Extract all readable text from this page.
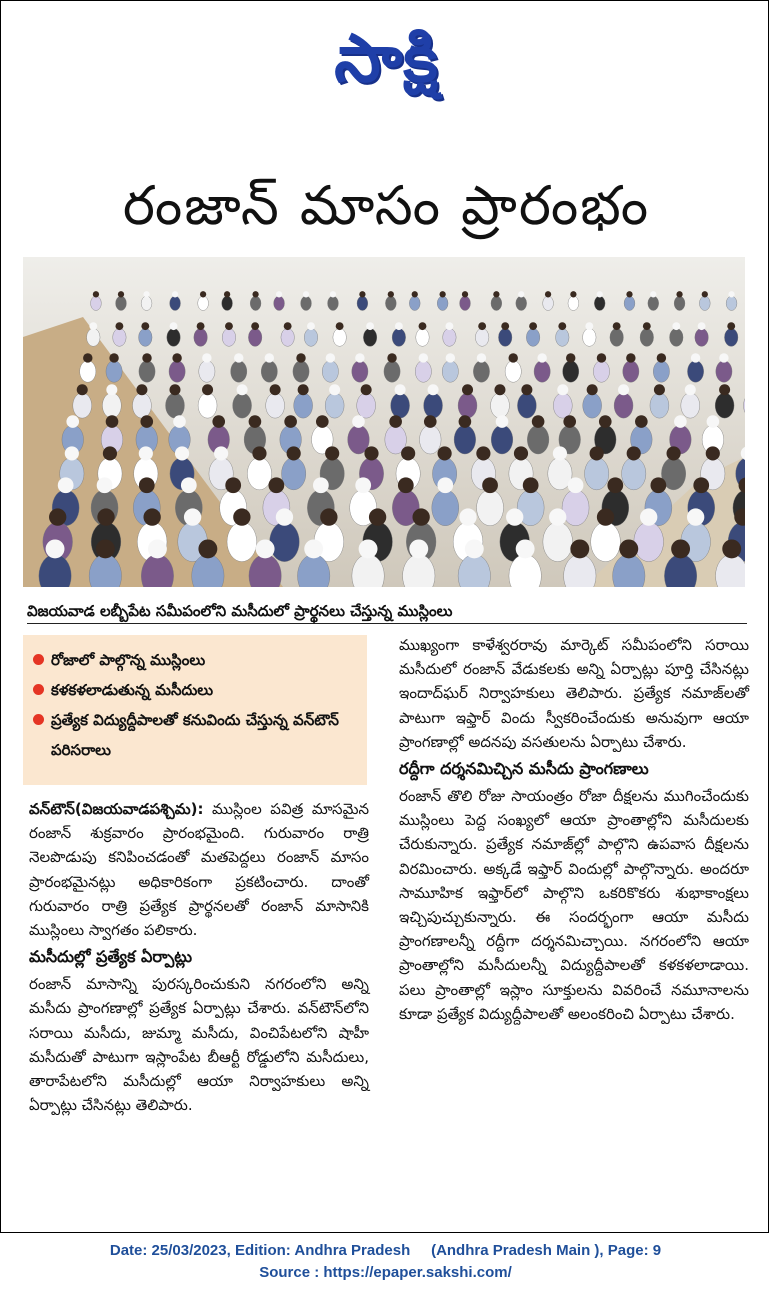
సాక్షి
రంజాన్ మాసం ప్రారంభం
విజయవాడ లబ్బీపేట సమీపంలోని మసీదులో ప్రార్థనలు చేస్తున్న ముస్లింలు
రోజాలో పాల్గొన్న ముస్లింలు
కళకళలాడుతున్న మసీదులు
ప్రత్యేక విద్యుద్దీపాలతో కనువిందు చేస్తున్న వన్‌టౌన్ పరిసరాలు

వన్‌టౌన్(విజయవాడపశ్చిమ): ముస్లింల పవిత్ర మాసమైన రంజాన్ శుక్రవారం ప్రారంభమైంది. గురువారం రాత్రి నెలపొడుపు కనిపించడంతో మతపెద్దలు రంజాన్ మాసం ప్రారంభమైనట్లు అధికారికంగా ప్రకటించారు. దాంతో గురువారం రాత్రి ప్రత్యేక ప్రార్థనలతో రంజాన్ మాసానికి ముస్లింలు స్వాగతం పలికారు.

మసీదుల్లో ప్రత్యేక ఏర్పాట్లు

రంజాన్ మాసాన్ని పురస్కరించుకుని నగరంలోని అన్ని మసీదు ప్రాంగణాల్లో ప్రత్యేక ఏర్పాట్లు చేశారు. వన్‌టౌన్‌లోని సరాయి మసీదు, జుమ్మా మసీదు, వించిపేటలోని షాహీ మసీదుతో పాటుగా ఇస్లాంపేట బీఆర్టీ రోడ్డులోని మసీదులు, తారాపేటలోని మసీదుల్లో ఆయా నిర్వాహకులు అన్ని ఏర్పాట్లు చేసినట్లు తెలిపారు.

ముఖ్యంగా కాళేశ్వరరావు మార్కెట్ సమీపంలోని సరాయి మసీదులో రంజాన్ వేడుకలకు అన్ని ఏర్పాట్లు పూర్తి చేసినట్లు ఇందాద్‌ఘర్ నిర్వాహకులు తెలిపారు. ప్రత్యేక నమాజ్‌లతో పాటుగా ఇఫ్తార్ విందు స్వీకరించేందుకు అనువుగా ఆయా ప్రాంగణాల్లో అదనపు వసతులను ఏర్పాటు చేశారు.

రద్దీగా దర్శనమిచ్చిన మసీదు ప్రాంగణాలు

రంజాన్ తొలి రోజు సాయంత్రం రోజా దీక్షలను ముగించేందుకు ముస్లింలు పెద్ద సంఖ్యలో ఆయా ప్రాంతాల్లోని మసీదులకు చేరుకున్నారు. ప్రత్యేక నమాజ్‌ల్లో పాల్గొని ఉపవాస దీక్షలను విరమించారు. అక్కడే ఇఫ్తార్ విందుల్లో పాల్గొన్నారు. అందరూ సామూహిక ఇఫ్తార్‌లో పాల్గొని ఒకరికొకరు శుభాకాంక్షలు ఇచ్చిపుచ్చుకున్నారు. ఈ సందర్భంగా ఆయా మసీదు ప్రాంగణాలన్నీ రద్దీగా దర్శనమిచ్చాయి. నగరంలోని ఆయా ప్రాంతాల్లోని మసీదులన్నీ విద్యుద్దీపాలతో కళకళలాడాయి. పలు ప్రాంతాల్లో ఇస్లాం సూక్తులను వివరించే నమూనాలను కూడా ప్రత్యేక విద్యుద్దీపాలతో అలంకరించి ఏర్పాటు చేశారు.

Date: 25/03/2023, Edition: Andhra Pradesh     (Andhra Pradesh Main ), Page: 9
Source : https://epaper.sakshi.com/
